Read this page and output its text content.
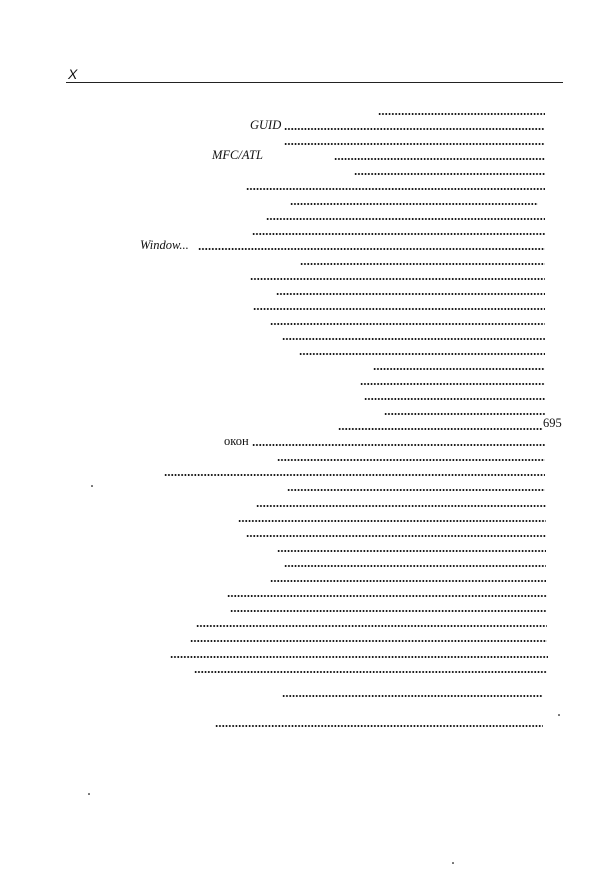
X
GUID
MFC/ATL
Window...
окон
695
